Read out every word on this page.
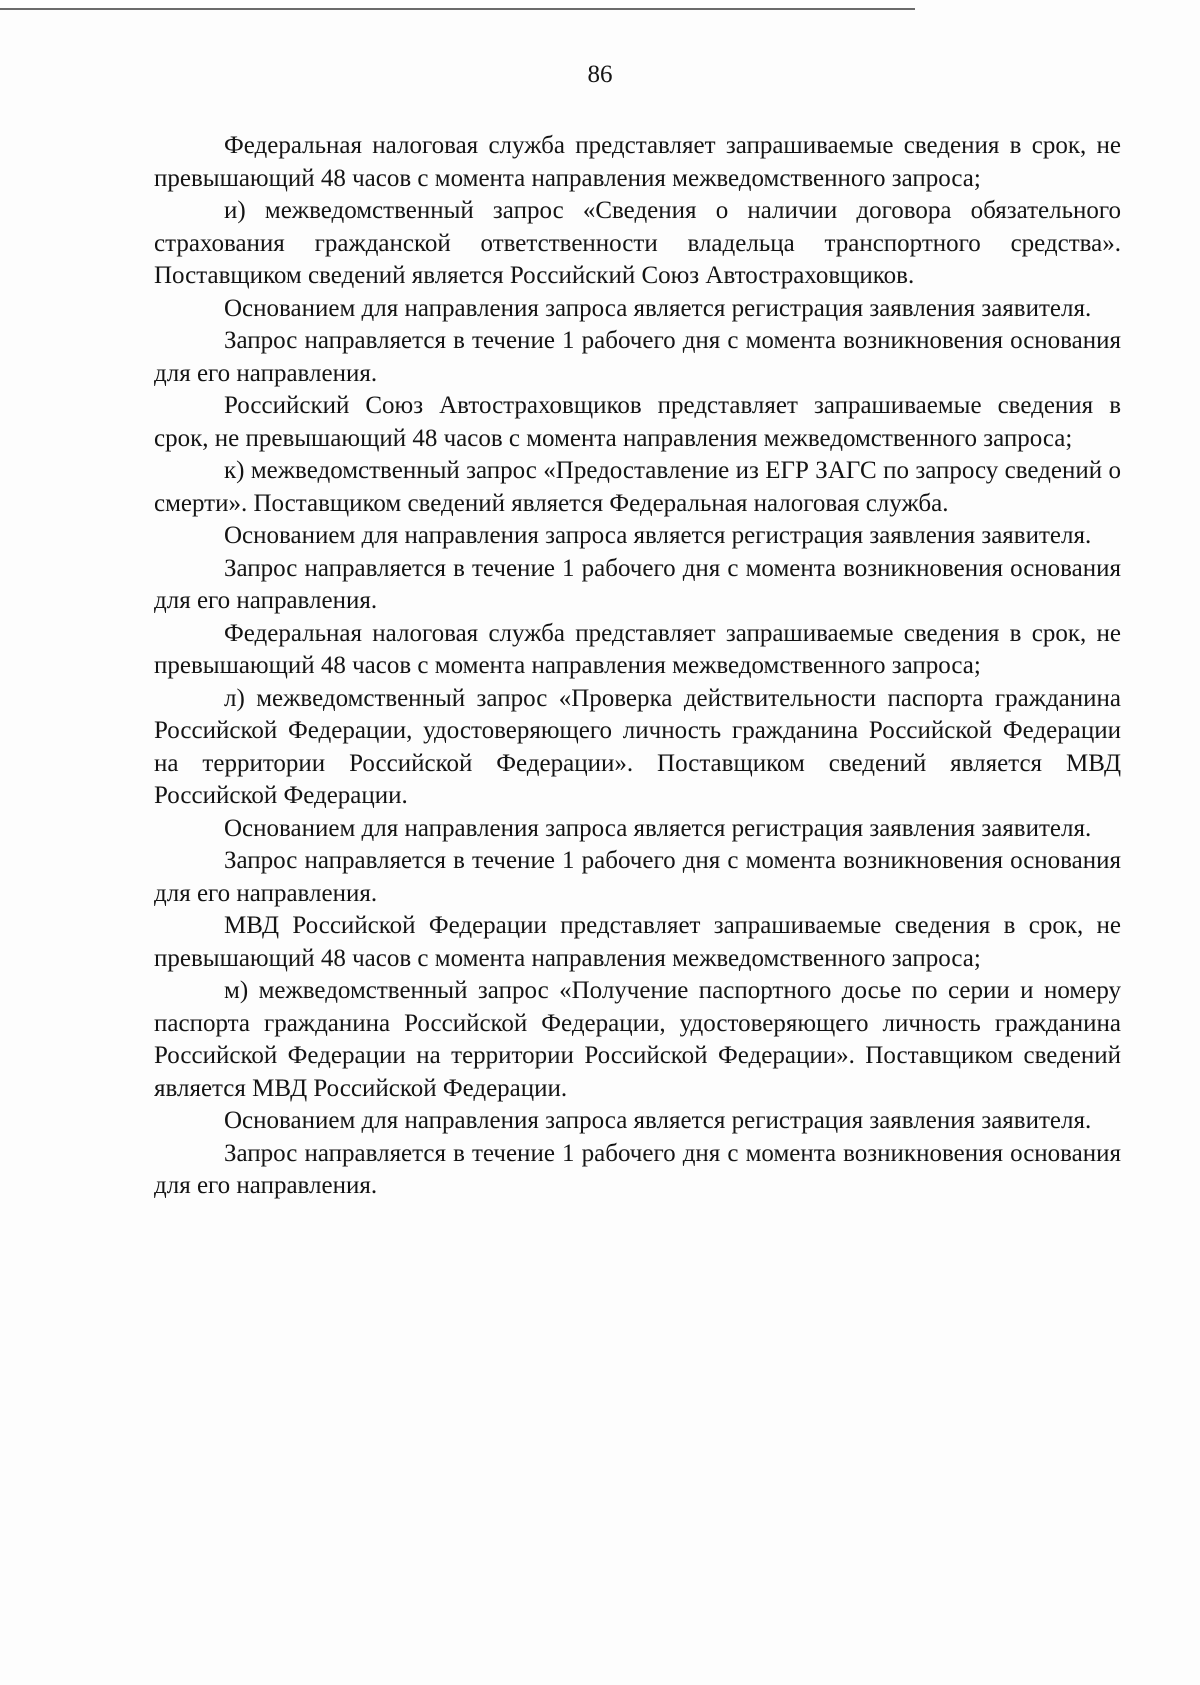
86

Федеральная налоговая служба представляет запрашиваемые сведения в срок, не превышающий 48 часов с момента направления межведомственного запроса;

и) межведомственный запрос «Сведения о наличии договора обязательного страхования гражданской ответственности владельца транспортного средства». Поставщиком сведений является Российский Союз Автостраховщиков.

Основанием для направления запроса является регистрация заявления заявителя.

Запрос направляется в течение 1 рабочего дня с момента возникновения основания для его направления.

Российский Союз Автостраховщиков представляет запрашиваемые сведения в срок, не превышающий 48 часов с момента направления межведомственного запроса;

к) межведомственный запрос «Предоставление из ЕГР ЗАГС по запросу сведений о смерти». Поставщиком сведений является Федеральная налоговая служба.

Основанием для направления запроса является регистрация заявления заявителя.

Запрос направляется в течение 1 рабочего дня с момента возникновения основания для его направления.

Федеральная налоговая служба представляет запрашиваемые сведения в срок, не превышающий 48 часов с момента направления межведомственного запроса;

л) межведомственный запрос «Проверка действительности паспорта гражданина Российской Федерации, удостоверяющего личность гражданина Российской Федерации на территории Российской Федерации». Поставщиком сведений является МВД Российской Федерации.

Основанием для направления запроса является регистрация заявления заявителя.

Запрос направляется в течение 1 рабочего дня с момента возникновения основания для его направления.

МВД Российской Федерации представляет запрашиваемые сведения в срок, не превышающий 48 часов с момента направления межведомственного запроса;

м) межведомственный запрос «Получение паспортного досье по серии и номеру паспорта гражданина Российской Федерации, удостоверяющего личность гражданина Российской Федерации на территории Российской Федерации». Поставщиком сведений является МВД Российской Федерации.

Основанием для направления запроса является регистрация заявления заявителя.

Запрос направляется в течение 1 рабочего дня с момента возникновения основания для его направления.
